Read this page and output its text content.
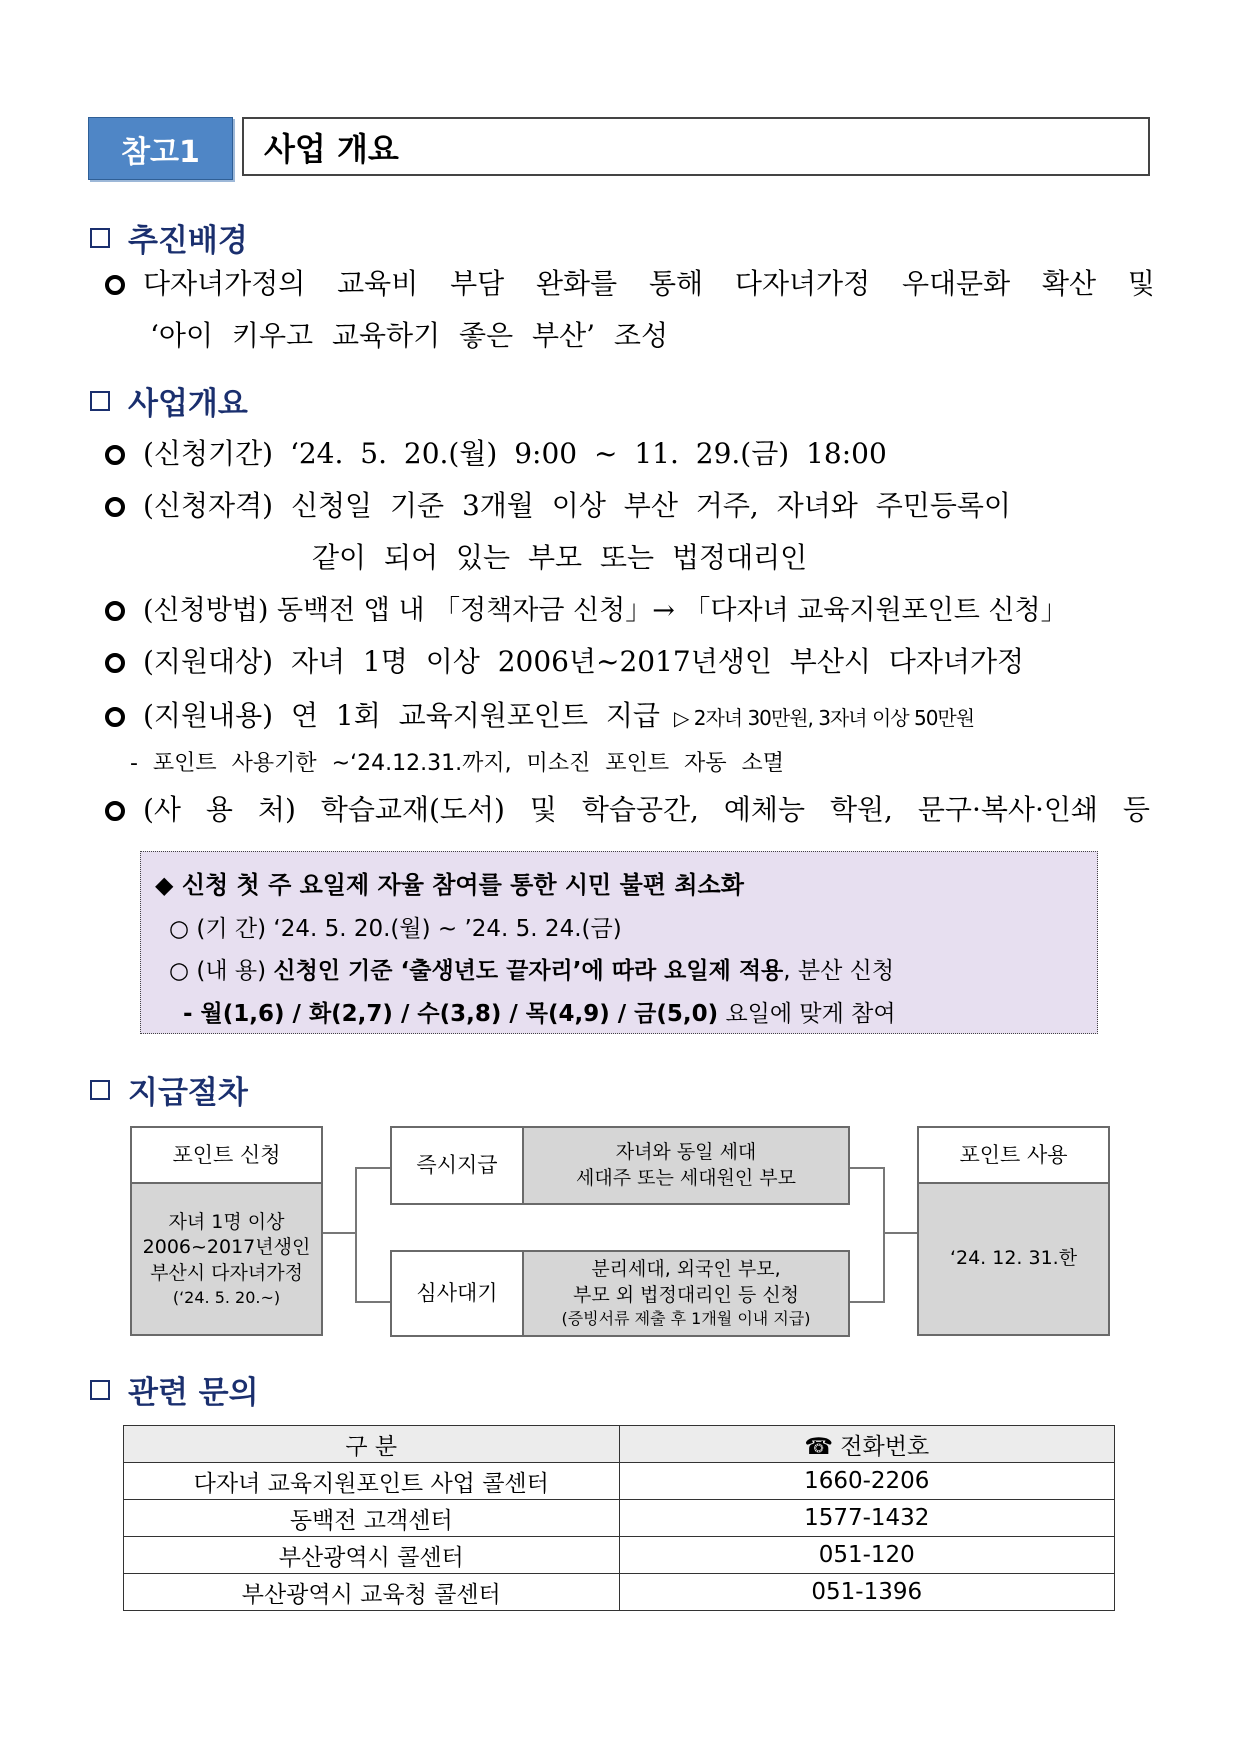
참고1	사업 개요
추진배경
다자녀가정의 교육비 부담 완화를 통해 다자녀가정 우대문화 확산 및
‘아이 키우고 교육하기 좋은 부산’ 조성
사업개요
(신청기간) ‘24. 5. 20.(월) 9:00 ~ 11. 29.(금) 18:00
(신청자격) 신청일 기준 3개월 이상 부산 거주, 자녀와 주민등록이
같이 되어 있는 부모 또는 법정대리인
(신청방법) 동백전 앱 내 「정책자금 신청」→ 「다자녀 교육지원포인트 신청」
(지원대상) 자녀 1명 이상 2006년~2017년생인 부산시 다자녀가정
(지원내용) 연 1회 교육지원포인트 지급 ▷ 2자녀 30만원, 3자녀 이상 50만원
- 포인트 사용기한 ~‘24.12.31.까지, 미소진 포인트 자동 소멸
(사 용 처) 학습교재(도서) 및 학습공간, 예체능 학원, 문구·복사·인쇄 등
◆ 신청 첫 주 요일제 자율 참여를 통한 시민 불편 최소화
○ (기 간) ‘24. 5. 20.(월) ~ ’24. 5. 24.(금)
○ (내 용) 신청인 기준 ‘출생년도 끝자리’에 따라 요일제 적용, 분산 신청
- 월(1,6) / 화(2,7) / 수(3,8) / 목(4,9) / 금(5,0) 요일에 맞게 참여
지급절차
포인트 신청
자녀 1명 이상
2006~2017년생인
부산시 다자녀가정
(‘24. 5. 20.~)
즉시지급
자녀와 동일 세대
세대주 또는 세대원인 부모
심사대기
분리세대, 외국인 부모,
부모 외 법정대리인 등 신청
(증빙서류 제출 후 1개월 이내 지급)
포인트 사용
‘24. 12. 31.한
관련 문의
구 분	☎ 전화번호
다자녀 교육지원포인트 사업 콜센터	1660-2206
동백전 고객센터	1577-1432
부산광역시 콜센터	051-120
부산광역시 교육청 콜센터	051-1396
